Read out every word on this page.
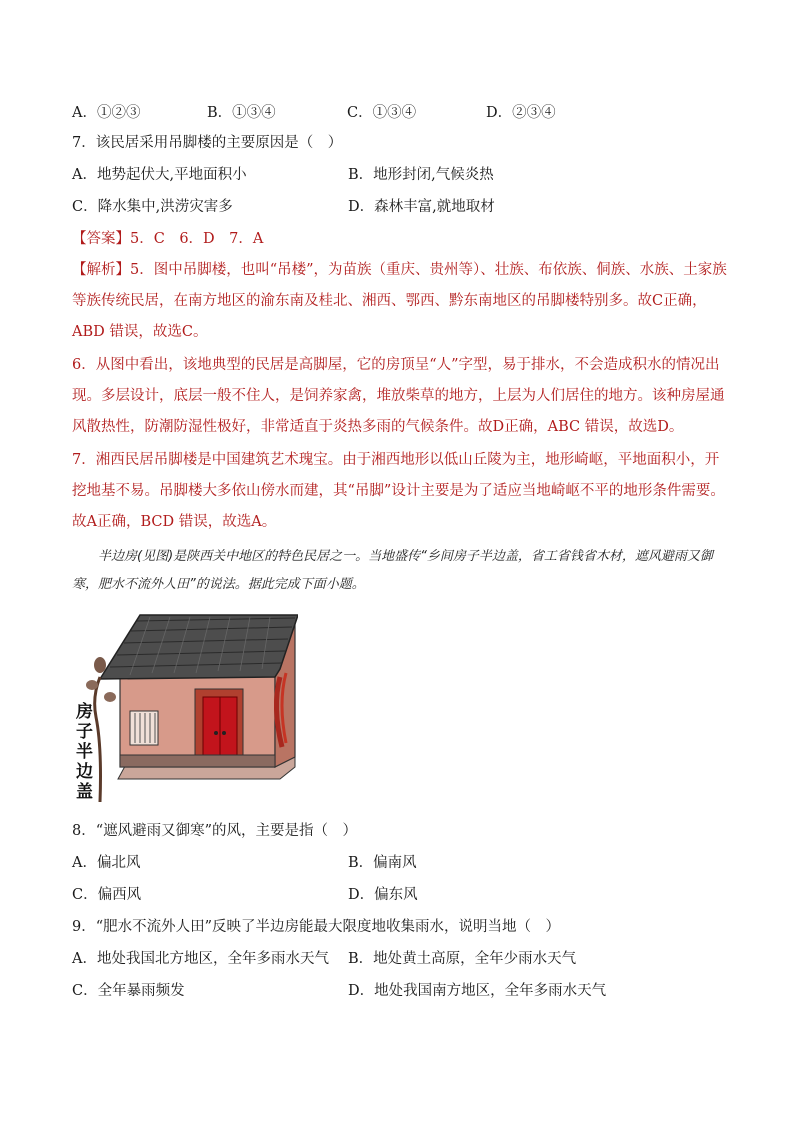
A．①②③	B．①③④	C．①③④	D．②③④
7．该民居采用吊脚楼的主要原因是（　）
A．地势起伏大,平地面积小	B．地形封闭,气候炎热
C．降水集中,洪涝灾害多	D．森林丰富,就地取材
【答案】5．C　6．D　7．A
【解析】5．图中吊脚楼，也叫“吊楼”，为苗族（重庆、贵州等）、壮族、布依族、侗族、水族、土家族等族传统民居，在南方地区的渝东南及桂北、湘西、鄂西、黔东南地区的吊脚楼特别多。故C正确，ABD 错误，故选C。
6．从图中看出，该地典型的民居是高脚屋，它的房顶呈“人”字型，易于排水，不会造成积水的情况出现。多层设计，底层一般不住人，是饲养家禽，堆放柴草的地方，上层为人们居住的地方。该种房屋通风散热性，防潮防湿性极好，非常适直于炎热多雨的气候条件。故D正确，ABC 错误，故选D。
7．湘西民居吊脚楼是中国建筑艺术瑰宝。由于湘西地形以低山丘陵为主，地形崎岖，平地面积小，开挖地基不易。吊脚楼大多依山傍水而建，其“吊脚”设计主要是为了适应当地崎岖不平的地形条件需要。故A正确，BCD 错误，故选A。
半边房(见图)是陕西关中地区的特色民居之一。当地盛传“乡间房子半边盖，省工省钱省木材，遮风避雨又御寒，肥水不流外人田”的说法。据此完成下面小题。
房
子
半
边
盖
8．“遮风避雨又御寒”的风，主要是指（　）
A．偏北风	B．偏南风
C．偏西风	D．偏东风
9．“肥水不流外人田”反映了半边房能最大限度地收集雨水，说明当地（　）
A．地处我国北方地区，全年多雨水天气 B．地处黄土高原，全年少雨水天气
C．全年暴雨频发	D．地处我国南方地区，全年多雨水天气
